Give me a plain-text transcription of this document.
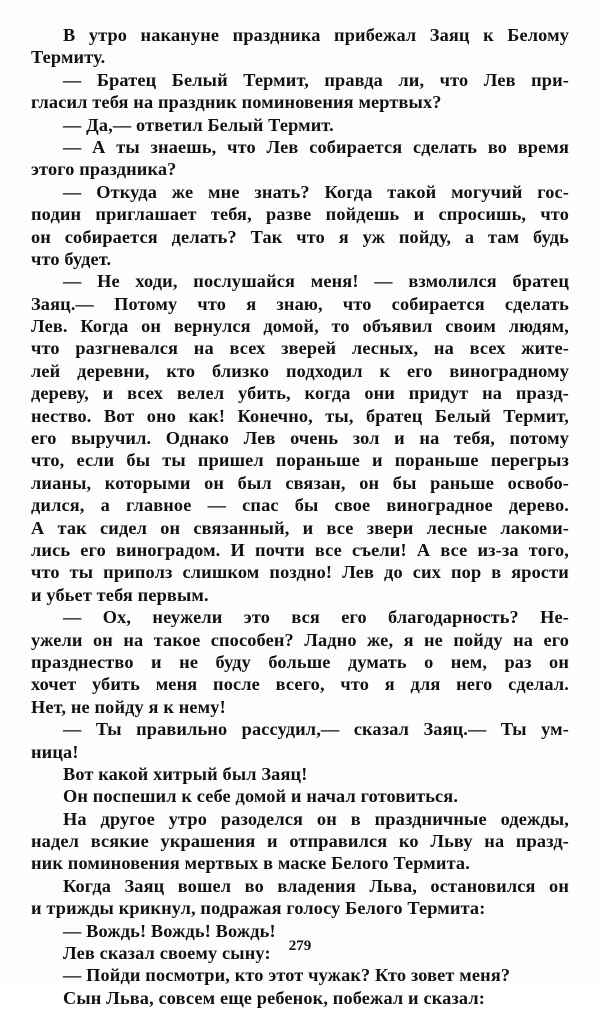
В утро накануне праздника прибежал Заяц к Белому
Термиту.
— Братец Белый Термит, правда ли, что Лев при-
гласил тебя на праздник поминовения мертвых?
— Да,— ответил Белый Термит.
— А ты знаешь, что Лев собирается сделать во время
этого праздника?
— Откуда же мне знать? Когда такой могучий гос-
подин приглашает тебя, разве пойдешь и спросишь, что
он собирается делать? Так что я уж пойду, а там будь
что будет.
— Не ходи, послушайся меня! — взмолился братец
Заяц.— Потому что я знаю, что собирается сделать
Лев. Когда он вернулся домой, то объявил своим людям,
что разгневался на всех зверей лесных, на всех жите-
лей деревни, кто близко подходил к его виноградному
дереву, и всех велел убить, когда они придут на празд-
нество. Вот оно как! Конечно, ты, братец Белый Термит,
его выручил. Однако Лев очень зол и на тебя, потому
что, если бы ты пришел пораньше и пораньше перегрыз
лианы, которыми он был связан, он бы раньше освобо-
дился, а главное — спас бы свое виноградное дерево.
А так сидел он связанный, и все звери лесные лакоми-
лись его виноградом. И почти все съели! А все из-за того,
что ты приполз слишком поздно! Лев до сих пор в ярости
и убьет тебя первым.
— Ох, неужели это вся его благодарность? Не-
ужели он на такое способен? Ладно же, я не пойду на его
празднество и не буду больше думать о нем, раз он
хочет убить меня после всего, что я для него сделал.
Нет, не пойду я к нему!
— Ты правильно рассудил,— сказал Заяц.— Ты ум-
ница!
Вот какой хитрый был Заяц!
Он поспешил к себе домой и начал готовиться.
На другое утро разоделся он в праздничные одежды,
надел всякие украшения и отправился ко Льву на празд-
ник поминовения мертвых в маске Белого Термита.
Когда Заяц вошел во владения Льва, остановился он
и трижды крикнул, подражая голосу Белого Термита:
— Вождь! Вождь! Вождь!
Лев сказал своему сыну:
— Пойди посмотри, кто этот чужак? Кто зовет меня?
Сын Льва, совсем еще ребенок, побежал и сказал:
279
